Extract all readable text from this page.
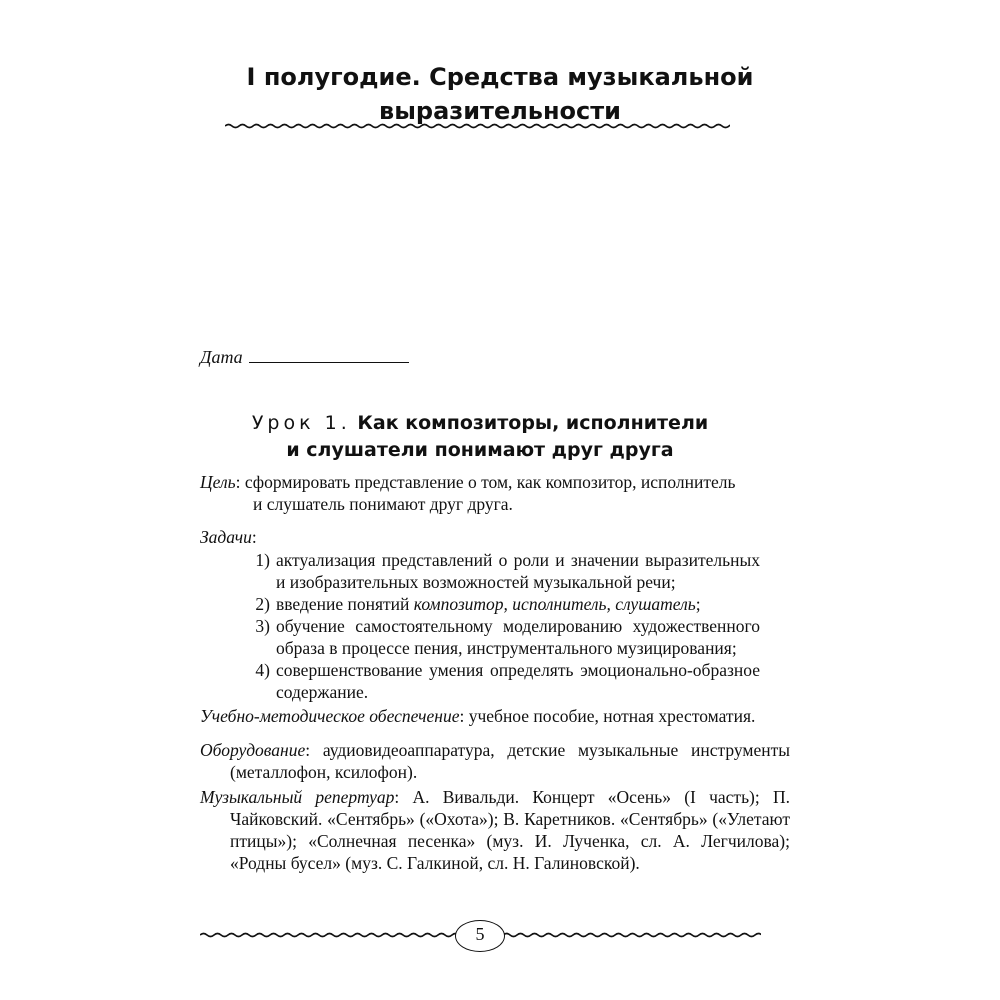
I полугодие. Средства музыкальной
выразительности
Дата
Урок 1. Как композиторы, исполнители
и слушатели понимают друг друга
Цель: сформировать представление о том, как композитор, исполнитель
и слушатель понимают друг друга.
Задачи:
1) актуализация представлений о роли и значении выразительных и изобразительных возможностей музыкальной речи;
2) введение понятий композитор, исполнитель, слушатель;
3) обучение самостоятельному моделированию художественного образа в процессе пения, инструментального музицирования;
4) совершенствование умения определять эмоционально-образное содержание.
Учебно-методическое обеспечение: учебное пособие, нотная хрестоматия.
Оборудование: аудиовидеоаппаратура, детские музыкальные инструменты (металлофон, ксилофон).
Музыкальный репертуар: А. Вивальди. Концерт «Осень» (I часть); П. Чайковский. «Сентябрь» («Охота»); В. Каретников. «Сентябрь» («Улетают птицы»); «Солнечная песенка» (муз. И. Лученка, сл. А. Легчилова); «Родны бусел» (муз. С. Галкиной, сл. Н. Галиновской).
5
